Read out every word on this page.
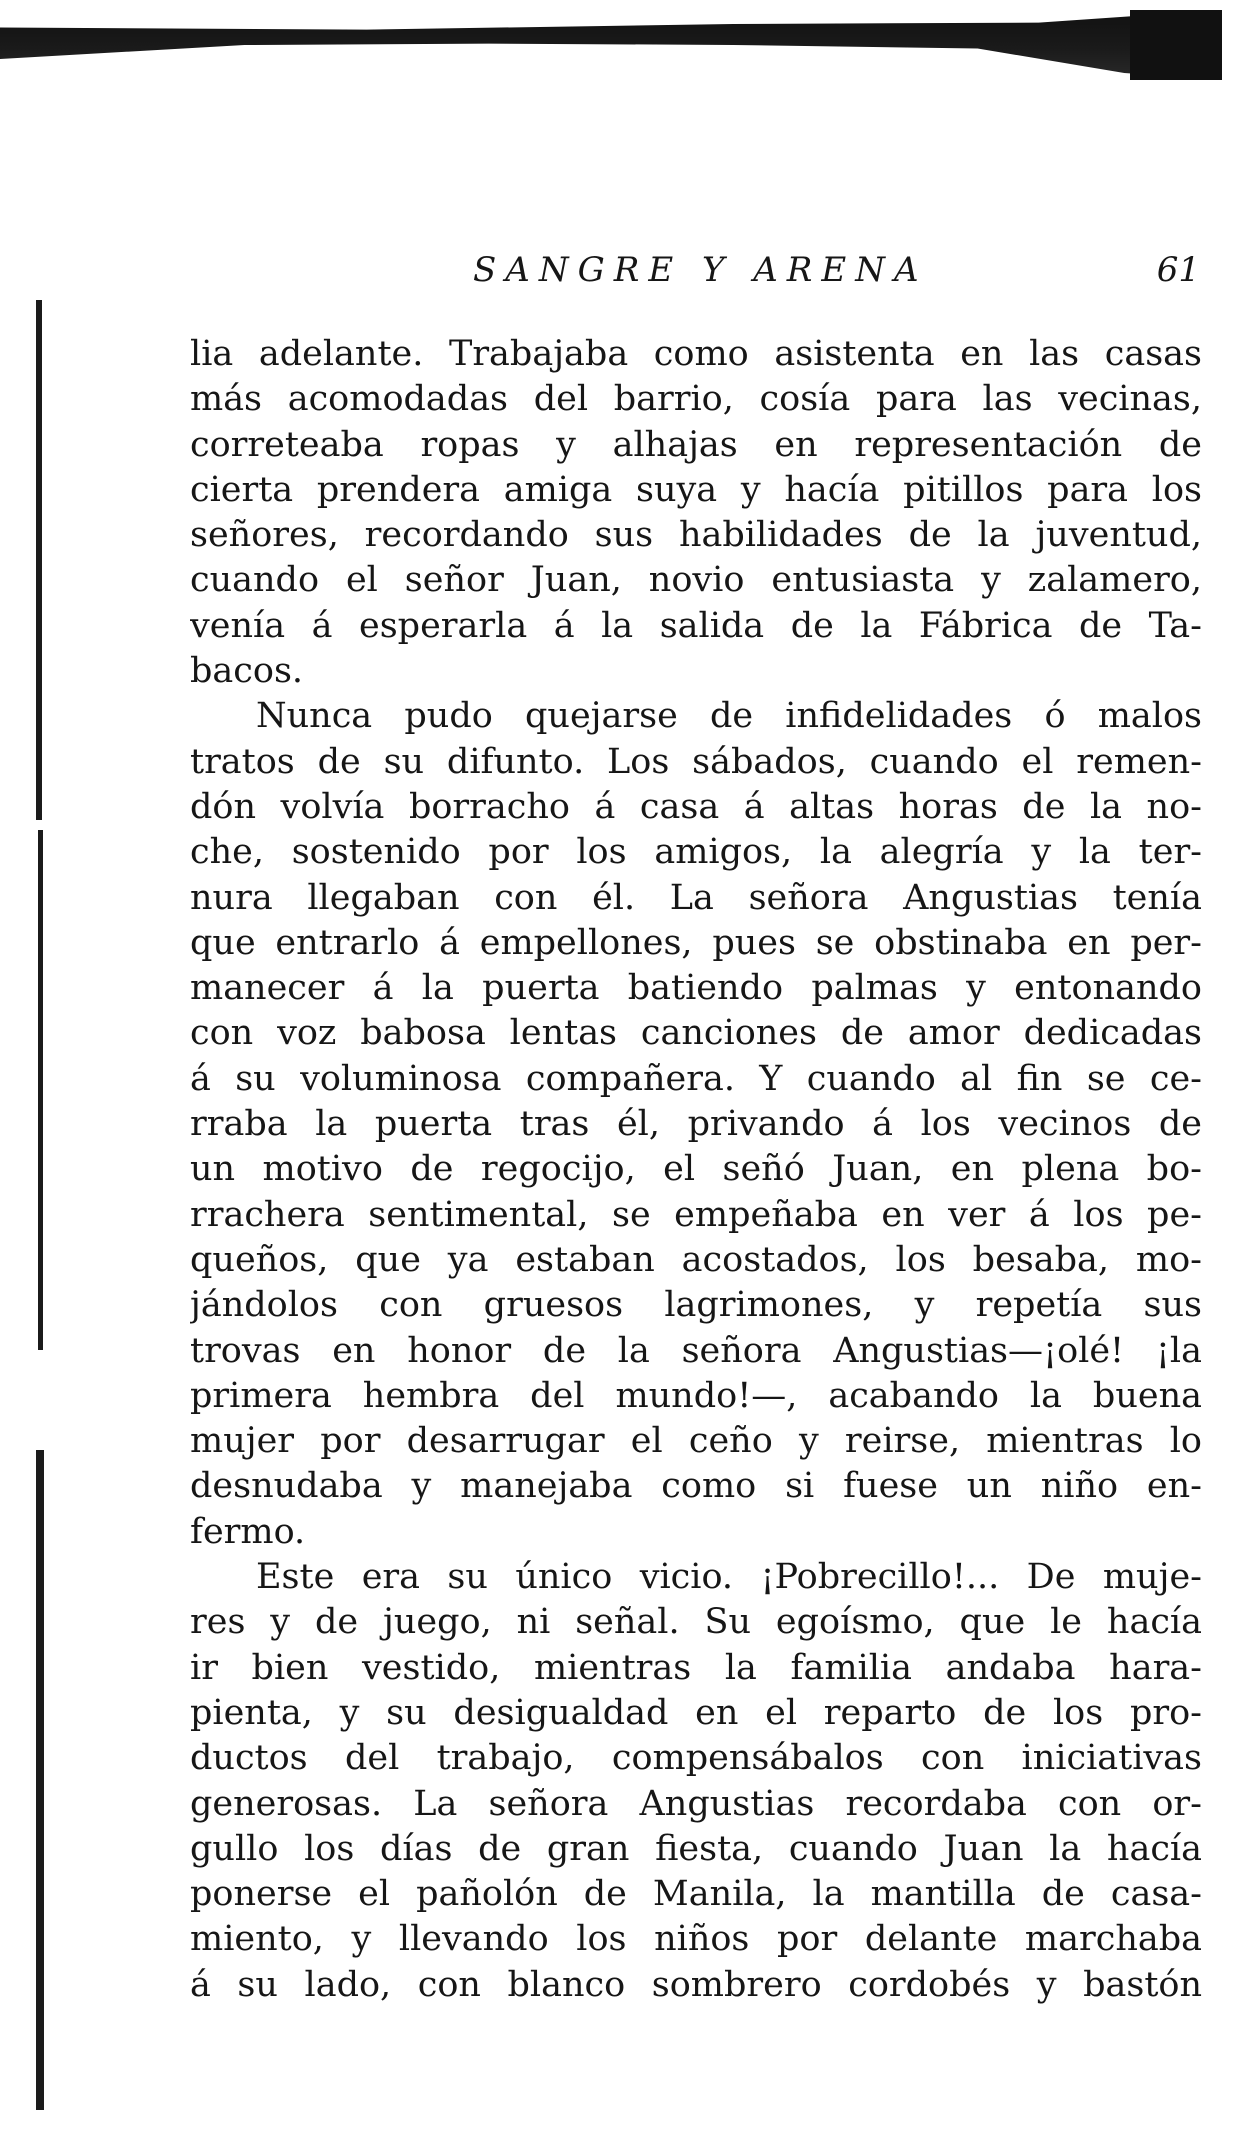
SANGRE Y ARENA	61
lia adelante. Trabajaba como asistenta en las casas
más acomodadas del barrio, cosía para las vecinas,
correteaba ropas y alhajas en representación de
cierta prendera amiga suya y hacía pitillos para los
señores, recordando sus habilidades de la juventud,
cuando el señor Juan, novio entusiasta y zalamero,
venía á esperarla á la salida de la Fábrica de Ta-
bacos.
Nunca pudo quejarse de infidelidades ó malos
tratos de su difunto. Los sábados, cuando el remen-
dón volvía borracho á casa á altas horas de la no-
che, sostenido por los amigos, la alegría y la ter-
nura llegaban con él. La señora Angustias tenía
que entrarlo á empellones, pues se obstinaba en per-
manecer á la puerta batiendo palmas y entonando
con voz babosa lentas canciones de amor dedicadas
á su voluminosa compañera. Y cuando al fin se ce-
rraba la puerta tras él, privando á los vecinos de
un motivo de regocijo, el señó Juan, en plena bo-
rrachera sentimental, se empeñaba en ver á los pe-
queños, que ya estaban acostados, los besaba, mo-
jándolos con gruesos lagrimones, y repetía sus
trovas en honor de la señora Angustias—¡olé! ¡la
primera hembra del mundo!—, acabando la buena
mujer por desarrugar el ceño y reirse, mientras lo
desnudaba y manejaba como si fuese un niño en-
fermo.
Este era su único vicio. ¡Pobrecillo!... De muje-
res y de juego, ni señal. Su egoísmo, que le hacía
ir bien vestido, mientras la familia andaba hara-
pienta, y su desigualdad en el reparto de los pro-
ductos del trabajo, compensábalos con iniciativas
generosas. La señora Angustias recordaba con or-
gullo los días de gran fiesta, cuando Juan la hacía
ponerse el pañolón de Manila, la mantilla de casa-
miento, y llevando los niños por delante marchaba
á su lado, con blanco sombrero cordobés y bastón
